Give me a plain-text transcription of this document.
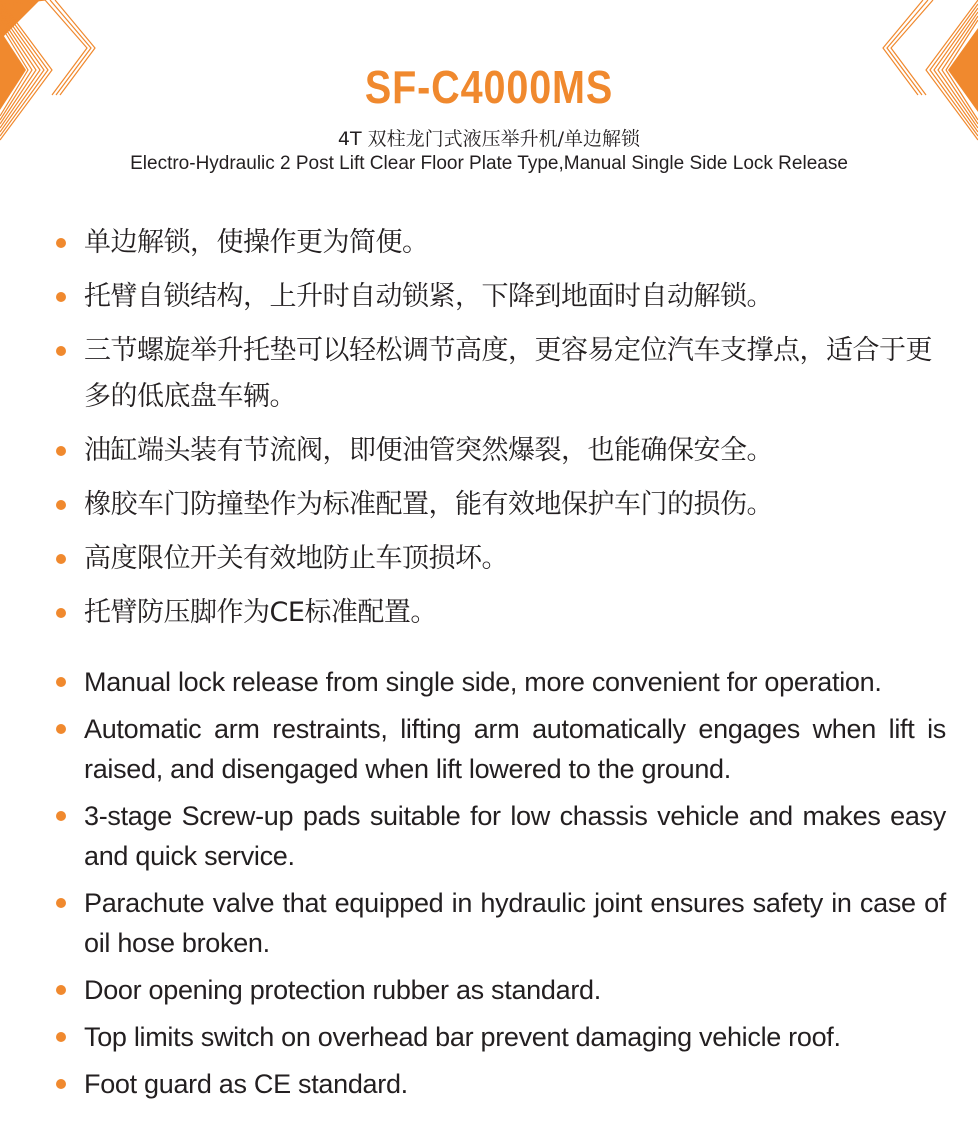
SF-C4000MS
4T 双柱龙门式液压举升机/单边解锁
Electro-Hydraulic 2 Post Lift Clear Floor Plate Type,Manual Single Side Lock Release
单边解锁，使操作更为简便。
托臂自锁结构，上升时自动锁紧，下降到地面时自动解锁。
三节螺旋举升托垫可以轻松调节高度，更容易定位汽车支撑点，适合于更多的低底盘车辆。
油缸端头装有节流阀，即便油管突然爆裂，也能确保安全。
橡胶车门防撞垫作为标准配置，能有效地保护车门的损伤。
高度限位开关有效地防止车顶损坏。
托臂防压脚作为CE标准配置。
Manual lock release from single side, more convenient for operation.
Automatic arm restraints, lifting arm automatically engages when lift is raised, and disengaged when lift lowered to the ground.
3-stage Screw-up pads suitable for low chassis vehicle and makes easy and quick service.
Parachute valve that equipped in hydraulic joint ensures safety in case of oil hose broken.
Door opening protection rubber as standard.
Top limits switch on overhead bar prevent damaging vehicle roof.
Foot guard as CE standard.
